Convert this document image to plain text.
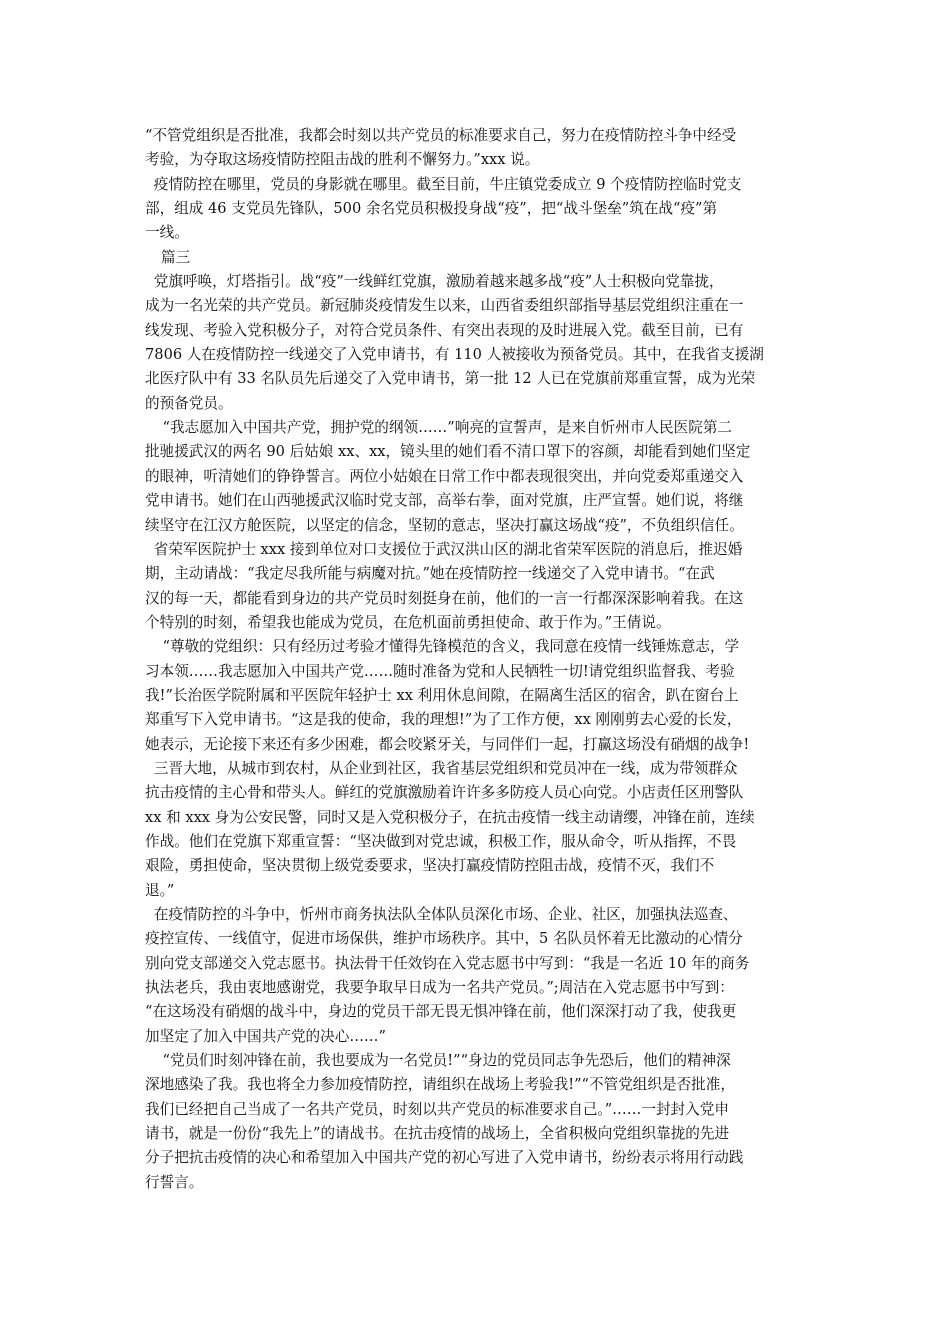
“不管党组织是否批准，我都会时刻以共产党员的标准要求自己，努力在疫情防控斗争中经受
考验，为夺取这场疫情防控阻击战的胜利不懈努力。”xxx 说。

疫情防控在哪里，党员的身影就在哪里。截至目前，牛庄镇党委成立 9 个疫情防控临时党支
部，组成 46 支党员先锋队，500 余名党员积极投身战“疫”，把“战斗堡垒”筑在战“疫”第
一线。

篇三

党旗呼唤，灯塔指引。战“疫”一线鲜红党旗，激励着越来越多战“疫”人士积极向党靠拢，
成为一名光荣的共产党员。新冠肺炎疫情发生以来，山西省委组织部指导基层党组织注重在一
线发现、考验入党积极分子，对符合党员条件、有突出表现的及时进展入党。截至目前，已有
7806 人在疫情防控一线递交了入党申请书，有 110 人被接收为预备党员。其中，在我省支援湖
北医疗队中有 33 名队员先后递交了入党申请书，第一批 12 人已在党旗前郑重宣誓，成为光荣
的预备党员。

“我志愿加入中国共产党，拥护党的纲领……”响亮的宣誓声，是来自忻州市人民医院第二
批驰援武汉的两名 90 后姑娘 xx、xx，镜头里的她们看不清口罩下的容颜，却能看到她们坚定
的眼神，听清她们的铮铮誓言。两位小姑娘在日常工作中都表现很突出，并向党委郑重递交入
党申请书。她们在山西驰援武汉临时党支部，高举右拳，面对党旗，庄严宣誓。她们说，将继
续坚守在江汉方舱医院，以坚定的信念，坚韧的意志，坚决打赢这场战“疫”，不负组织信任。

省荣军医院护士 xxx 接到单位对口支援位于武汉洪山区的湖北省荣军医院的消息后，推迟婚
期，主动请战：“我定尽我所能与病魔对抗。”她在疫情防控一线递交了入党申请书。“在武
汉的每一天，都能看到身边的共产党员时刻挺身在前，他们的一言一行都深深影响着我。在这
个特别的时刻，希望我也能成为党员，在危机面前勇担使命、敢于作为。”王倩说。

“尊敬的党组织：只有经历过考验才懂得先锋模范的含义，我同意在疫情一线锤炼意志，学
习本领……我志愿加入中国共产党……随时准备为党和人民牺牲一切!请党组织监督我、考验
我!”长治医学院附属和平医院年轻护士 xx 利用休息间隙，在隔离生活区的宿舍，趴在窗台上
郑重写下入党申请书。“这是我的使命，我的理想!”为了工作方便，xx 刚刚剪去心爱的长发，
她表示，无论接下来还有多少困难，都会咬紧牙关，与同伴们一起，打赢这场没有硝烟的战争!

三晋大地，从城市到农村，从企业到社区，我省基层党组织和党员冲在一线，成为带领群众
抗击疫情的主心骨和带头人。鲜红的党旗激励着许许多多防疫人员心向党。小店责任区刑警队
xx 和 xxx 身为公安民警，同时又是入党积极分子，在抗击疫情一线主动请缨，冲锋在前，连续
作战。他们在党旗下郑重宣誓：“坚决做到对党忠诚，积极工作，服从命令，听从指挥，不畏
艰险，勇担使命，坚决贯彻上级党委要求，坚决打赢疫情防控阻击战，疫情不灭，我们不
退。”

在疫情防控的斗争中，忻州市商务执法队全体队员深化市场、企业、社区，加强执法巡查、
疫控宣传、一线值守，促进市场保供，维护市场秩序。其中，5 名队员怀着无比激动的心情分
别向党支部递交入党志愿书。执法骨干任效钧在入党志愿书中写到：“我是一名近 10 年的商务
执法老兵，我由衷地感谢党，我要争取早日成为一名共产党员。”;周洁在入党志愿书中写到：
“在这场没有硝烟的战斗中，身边的党员干部无畏无惧冲锋在前，他们深深打动了我，使我更
加坚定了加入中国共产党的决心……”

“党员们时刻冲锋在前，我也要成为一名党员!”“身边的党员同志争先恐后，他们的精神深
深地感染了我。我也将全力参加疫情防控，请组织在战场上考验我!”“不管党组织是否批准，
我们已经把自己当成了一名共产党员，时刻以共产党员的标准要求自己。”……一封封入党申
请书，就是一份份“我先上”的请战书。在抗击疫情的战场上，全省积极向党组织靠拢的先进
分子把抗击疫情的决心和希望加入中国共产党的初心写进了入党申请书，纷纷表示将用行动践
行誓言。
